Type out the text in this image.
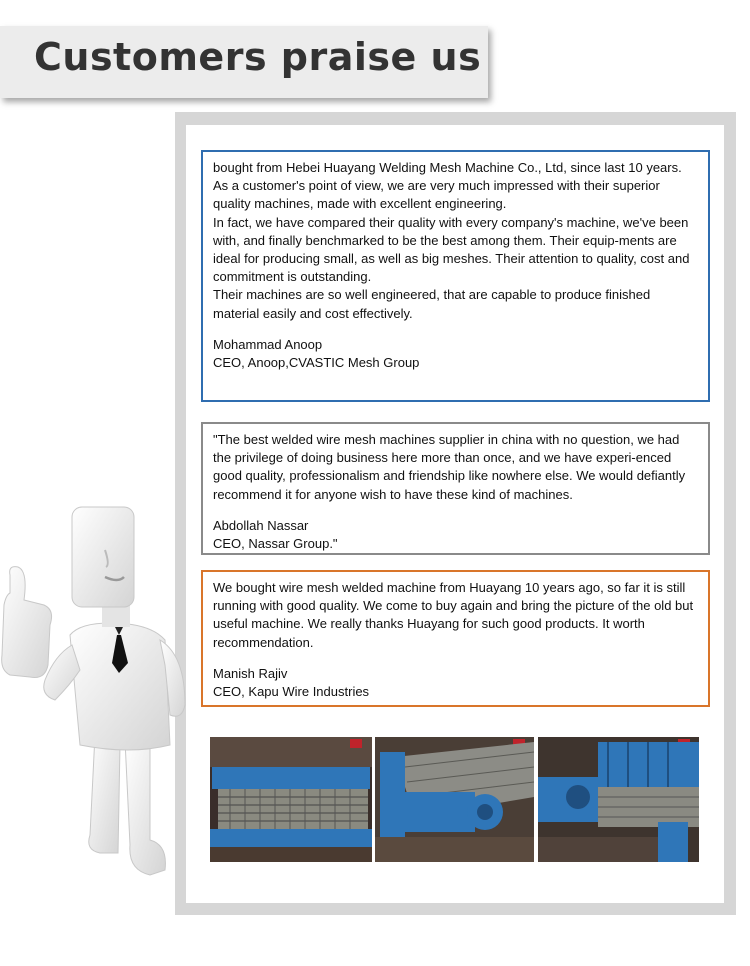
Customers praise us

bought from Hebei Huayang Welding Mesh Machine Co., Ltd, since last 10 years.

As a customer's point of view, we are very much impressed with their superior quality machines, made with excellent engineering.

In fact, we have compared their quality with every company's machine, we've been with, and finally benchmarked to be the best among them. Their equip-ments are ideal for producing small, as well as big meshes. Their attention to quality, cost and commitment is outstanding.

Their machines are so well engineered, that are capable to produce finished material easily and cost effectively.

Mohammad Anoop

CEO, Anoop,CVASTIC Mesh Group

"The best welded wire mesh machines supplier in china with no question, we had the privilege of doing business here more than once, and we have experi-enced good quality, professionalism and friendship like nowhere else. We would defiantly recommend it for anyone wish to have these kind of machines.

Abdollah Nassar

CEO, Nassar Group."

We bought wire mesh welded machine from Huayang 10 years ago, so far it is still running with good quality. We come to buy again and bring the picture of the old but useful machine. We really thanks Huayang for such good products. It worth recommendation.

Manish Rajiv

CEO, Kapu Wire Industries
